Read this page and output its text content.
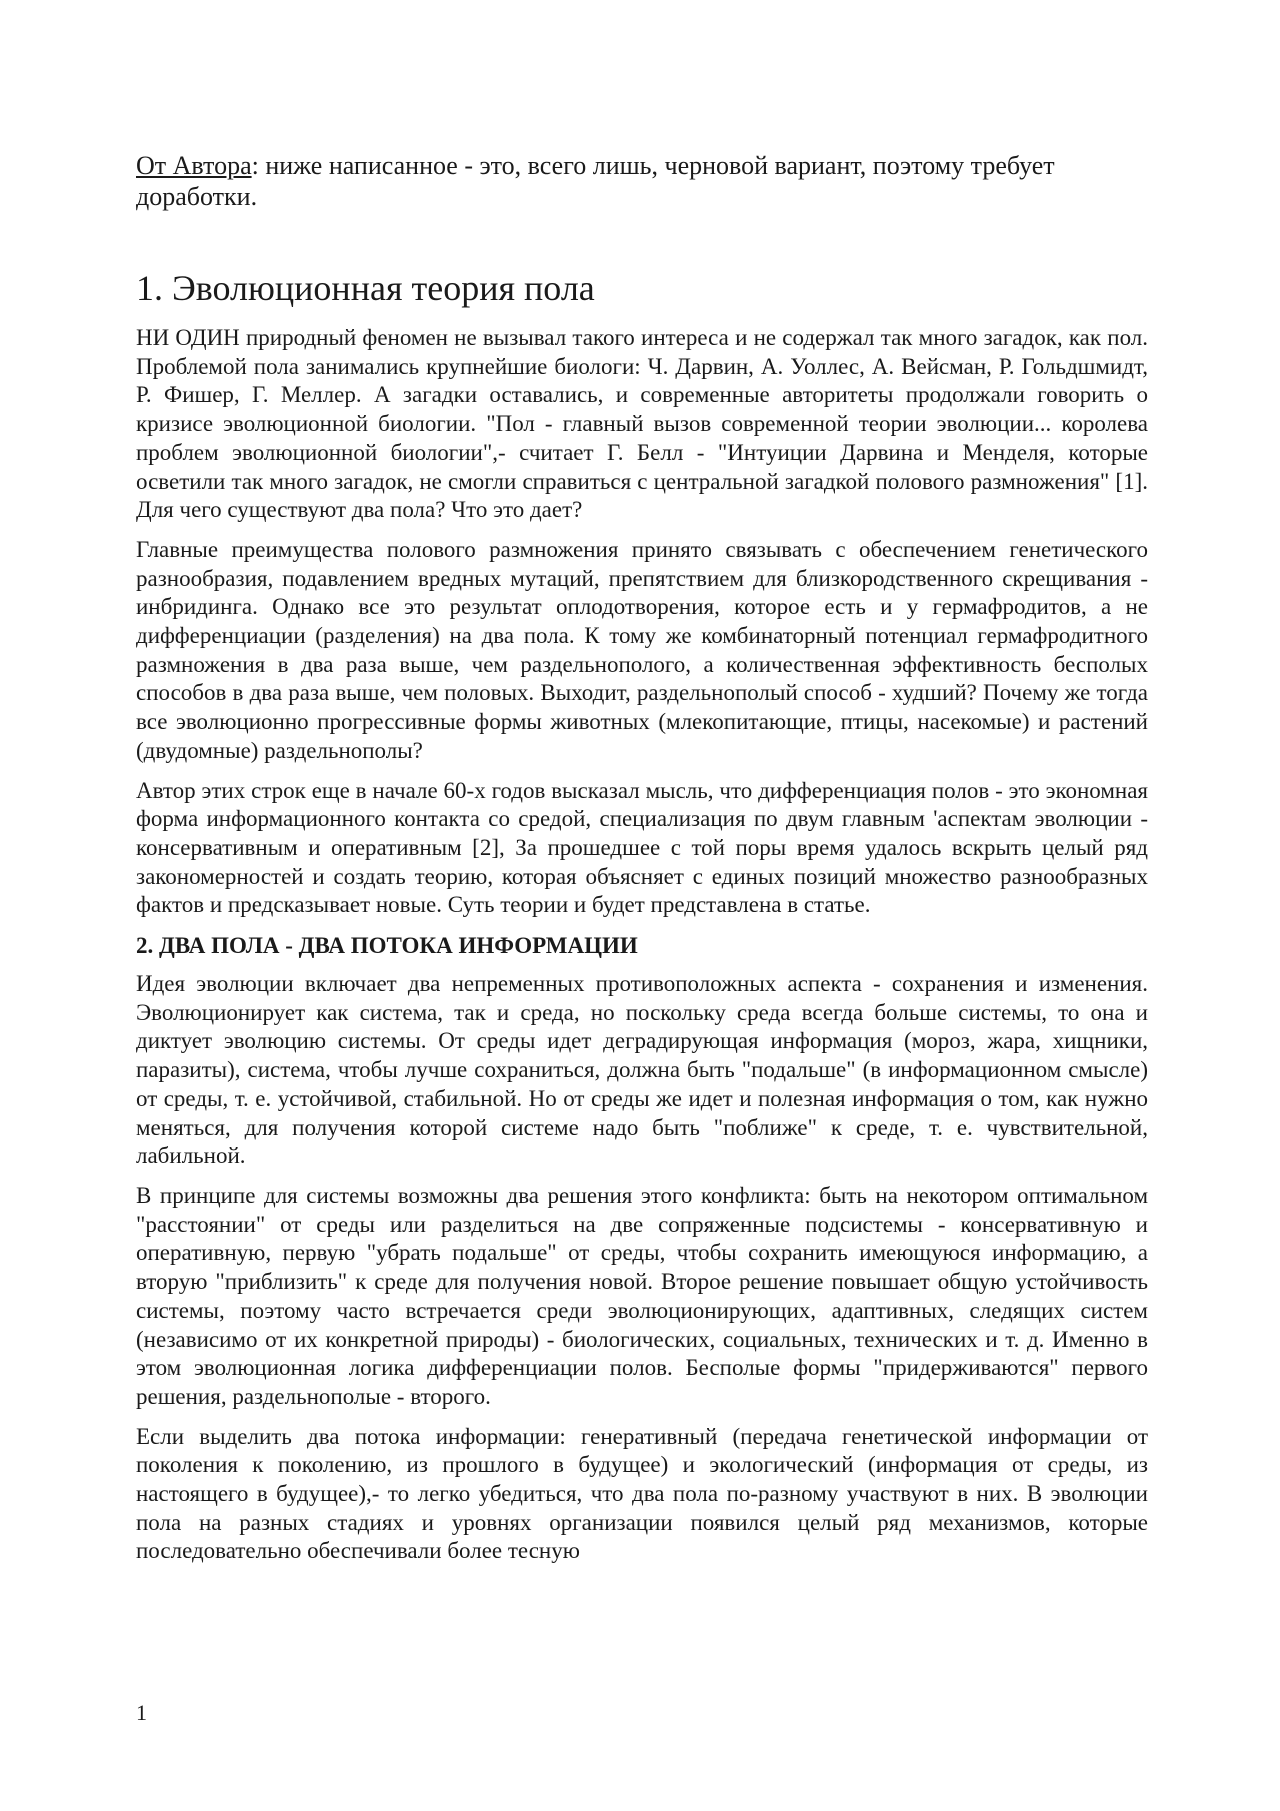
От Автора: ниже написанное - это, всего лишь, черновой вариант, поэтому требует доработки.

1. Эволюционная теория пола

НИ ОДИН природный феномен не вызывал такого интереса и не содержал так много загадок, как пол. Проблемой пола занимались крупнейшие биологи: Ч. Дарвин, А. Уоллес, А. Вейсман, Р. Гольдшмидт, Р. Фишер, Г. Меллер. А загадки оставались, и современные авторитеты продолжали говорить о кризисе эволюционной биологии. "Пол - главный вызов современной теории эволюции... королева проблем эволюционной биологии",- считает Г. Белл - "Интуиции Дарвина и Менделя, которые осветили так много загадок, не смогли справиться с центральной загадкой полового размножения" [1]. Для чего существуют два пола? Что это дает?

Главные преимущества полового размножения принято связывать с обеспечением генетического разнообразия, подавлением вредных мутаций, препятствием для близкородственного скрещивания - инбридинга. Однако все это результат оплодотворения, которое есть и у гермафродитов, а не дифференциации (разделения) на два пола. К тому же комбинаторный потенциал гермафродитного размножения в два раза выше, чем раздельнополого, а количественная эффективность бесполых способов в два раза выше, чем половых. Выходит, раздельнополый способ - худший? Почему же тогда все эволюционно прогрессивные формы животных (млекопитающие, птицы, насекомые) и растений (двудомные) раздельнополы?

Автор этих строк еще в начале 60-х годов высказал мысль, что дифференциация полов - это экономная форма информационного контакта со средой, специализация по двум главным 'аспектам эволюции - консервативным и оперативным [2], За прошедшее с той поры время удалось вскрыть целый ряд закономерностей и создать теорию, которая объясняет с единых позиций множество разнообразных фактов и предсказывает новые. Суть теории и будет представлена в статье.

2. ДВА ПОЛА - ДВА ПОТОКА ИНФОРМАЦИИ

Идея эволюции включает два непременных противоположных аспекта - сохранения и изменения. Эволюционирует как система, так и среда, но поскольку среда всегда больше системы, то она и диктует эволюцию системы. От среды идет деградирующая информация (мороз, жара, хищники, паразиты), система, чтобы лучше сохраниться, должна быть "подальше" (в информационном смысле) от среды, т. е. устойчивой, стабильной. Но от среды же идет и полезная информация о том, как нужно меняться, для получения которой системе надо быть "поближе" к среде, т. е. чувствительной, лабильной.

В принципе для системы возможны два решения этого конфликта: быть на некотором оптимальном "расстоянии" от среды или разделиться на две сопряженные подсистемы - консервативную и оперативную, первую "убрать подальше" от среды, чтобы сохранить имеющуюся информацию, а вторую "приблизить" к среде для получения новой. Второе решение повышает общую устойчивость системы, поэтому часто встречается среди эволюционирующих, адаптивных, следящих систем (независимо от их конкретной природы) - биологических, социальных, технических и т. д. Именно в этом эволюционная логика дифференциации полов. Бесполые формы "придерживаются" первого решения, раздельнополые - второго.

Если выделить два потока информации: генеративный (передача генетической информации от поколения к поколению, из прошлого в будущее) и экологический (информация от среды, из настоящего в будущее),- то легко убедиться, что два пола по-разному участвуют в них. В эволюции пола на разных стадиях и уровнях организации появился целый ряд механизмов, которые последовательно обеспечивали более тесную

1
